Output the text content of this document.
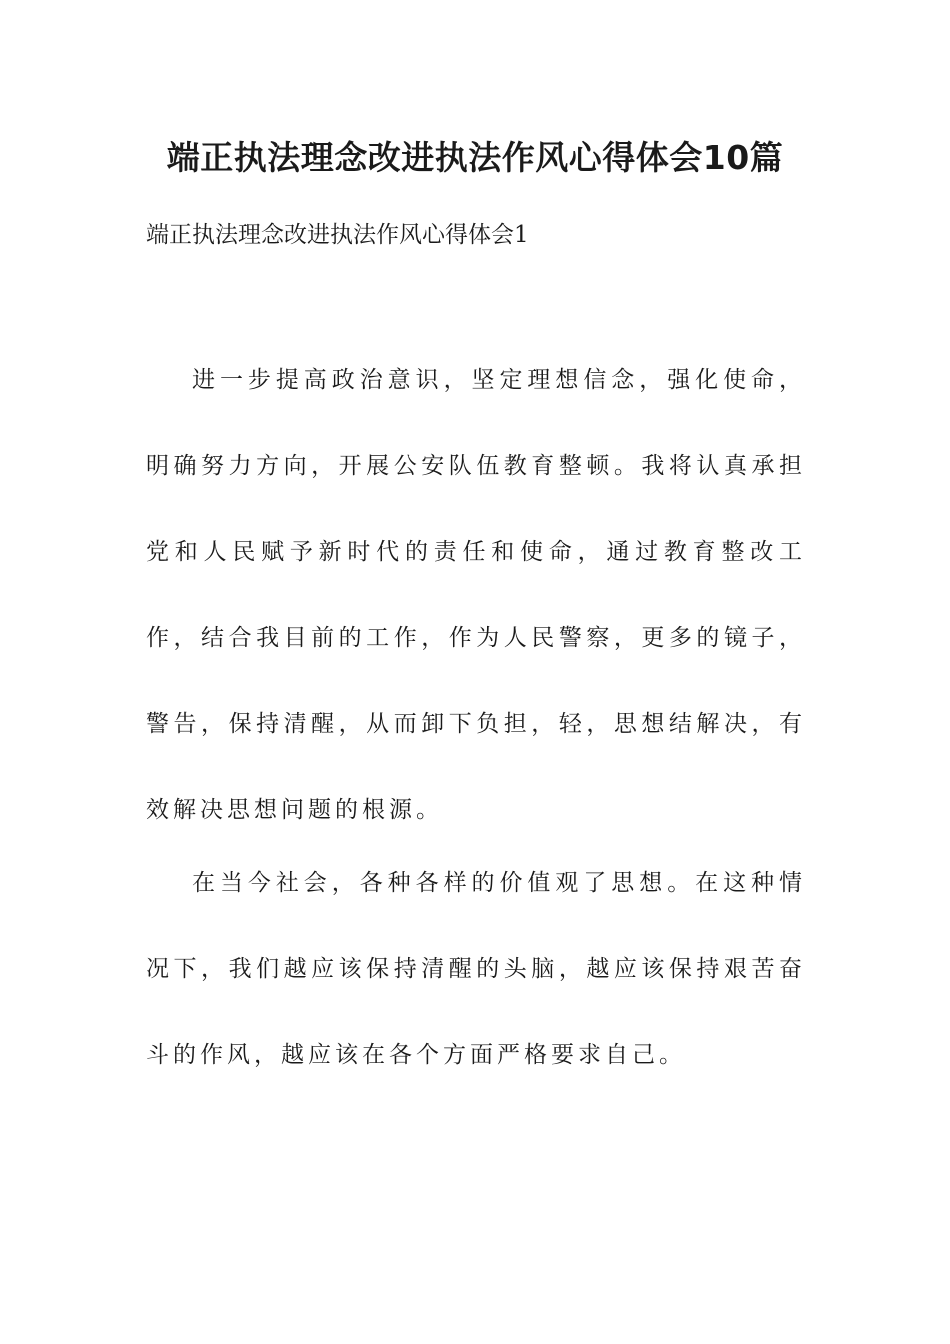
端正执法理念改进执法作风心得体会10篇

端正执法理念改进执法作风心得体会1

进一步提高政治意识，坚定理想信念，强化使命，明确努力方向，开展公安队伍教育整顿。我将认真承担党和人民赋予新时代的责任和使命，通过教育整改工作，结合我目前的工作，作为人民警察，更多的镜子，警告，保持清醒，从而卸下负担，轻，思想结解决，有效解决思想问题的根源。

在当今社会，各种各样的价值观了思想。在这种情况下，我们越应该保持清醒的头脑，越应该保持艰苦奋斗的作风，越应该在各个方面严格要求自己。
